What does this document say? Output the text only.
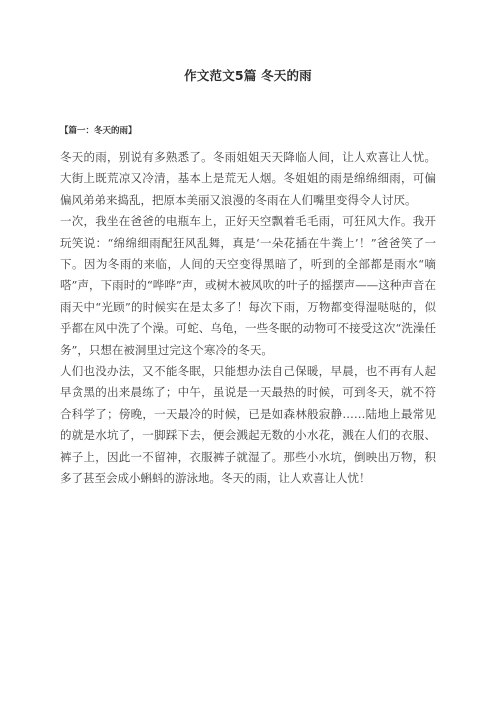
作文范文5篇 冬天的雨
【篇一：冬天的雨】

冬天的雨，别说有多熟悉了。冬雨姐姐天天降临人间，让人欢喜让人忧。大街上既荒凉又冷清，基本上是荒无人烟。冬姐姐的雨是绵绵细雨，可偏偏风弟弟来捣乱，把原本美丽又浪漫的冬雨在人们嘴里变得令人讨厌。

一次，我坐在爸爸的电瓶车上，正好天空飘着毛毛雨，可狂风大作。我开玩笑说：“绵绵细雨配狂风乱舞，真是‘一朵花插在牛粪上’！”爸爸笑了一下。因为冬雨的来临，人间的天空变得黑暗了，听到的全部都是雨水“嘀嗒”声，下雨时的“哗哗”声，或树木被风吹的叶子的摇摆声——这种声音在雨天中“光顾”的时候实在是太多了！每次下雨，万物都变得湿哒哒的，似乎都在风中洗了个澡。可蛇、乌龟，一些冬眠的动物可不接受这次“洗澡任务”，只想在被洞里过完这个寒冷的冬天。

人们也没办法，又不能冬眠，只能想办法自己保暖，早晨，也不再有人起早贪黑的出来晨练了；中午，虽说是一天最热的时候，可到冬天，就不符合科学了；傍晚，一天最冷的时候，已是如森林般寂静……陆地上最常见的就是水坑了，一脚踩下去，便会溅起无数的小水花，溅在人们的衣服、裤子上，因此一不留神，衣服裤子就湿了。那些小水坑，倒映出万物，积多了甚至会成小蝌蚪的游泳地。冬天的雨，让人欢喜让人忧！
